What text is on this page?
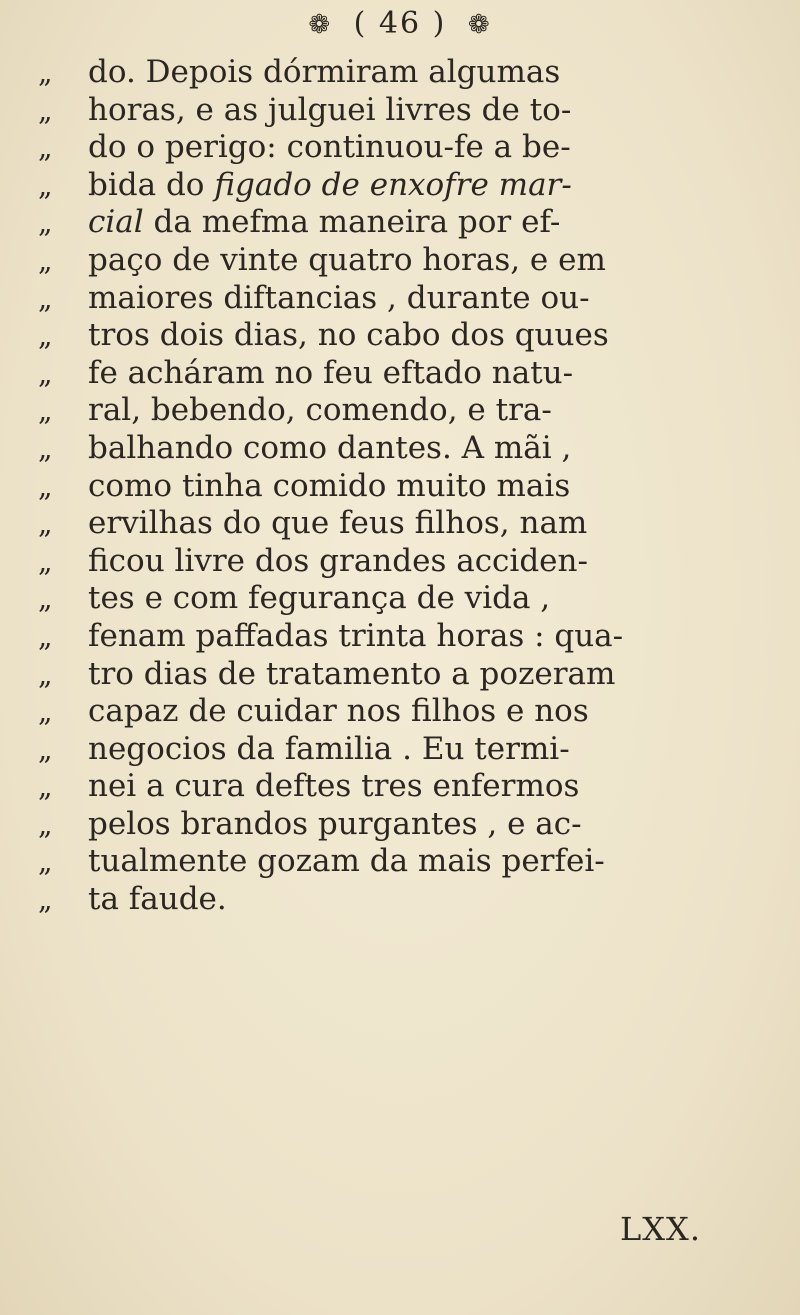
❁ ( 46 ) ❁
„ do. Depois dórmiram algumas
„ horas, e as julguei livres de to-
„ do o perigo: continuou-fe a be-
„ bida do figado de enxofre mar-
„ cial da mefma maneira por ef-
„ paço de vinte quatro horas, e em
„ maiores diftancias , durante ou-
„ tros dois dias, no cabo dos quues
„ fe acháram no feu eftado natu-
„ ral, bebendo, comendo, e tra-
„ balhando como dantes. A mãi ,
„ como tinha comido muito mais
„ ervilhas do que feus filhos, nam
„ ficou livre dos grandes acciden-
„ tes e com fegurança de vida ,
„ fenam paffadas trinta horas : qua-
„ tro dias de tratamento a pozeram
„ capaz de cuidar nos filhos e nos
„ negocios da familia . Eu termi-
„ nei a cura deftes tres enfermos
„ pelos brandos purgantes , e ac-
„ tualmente gozam da mais perfei-
„ ta faude.
LXX.
